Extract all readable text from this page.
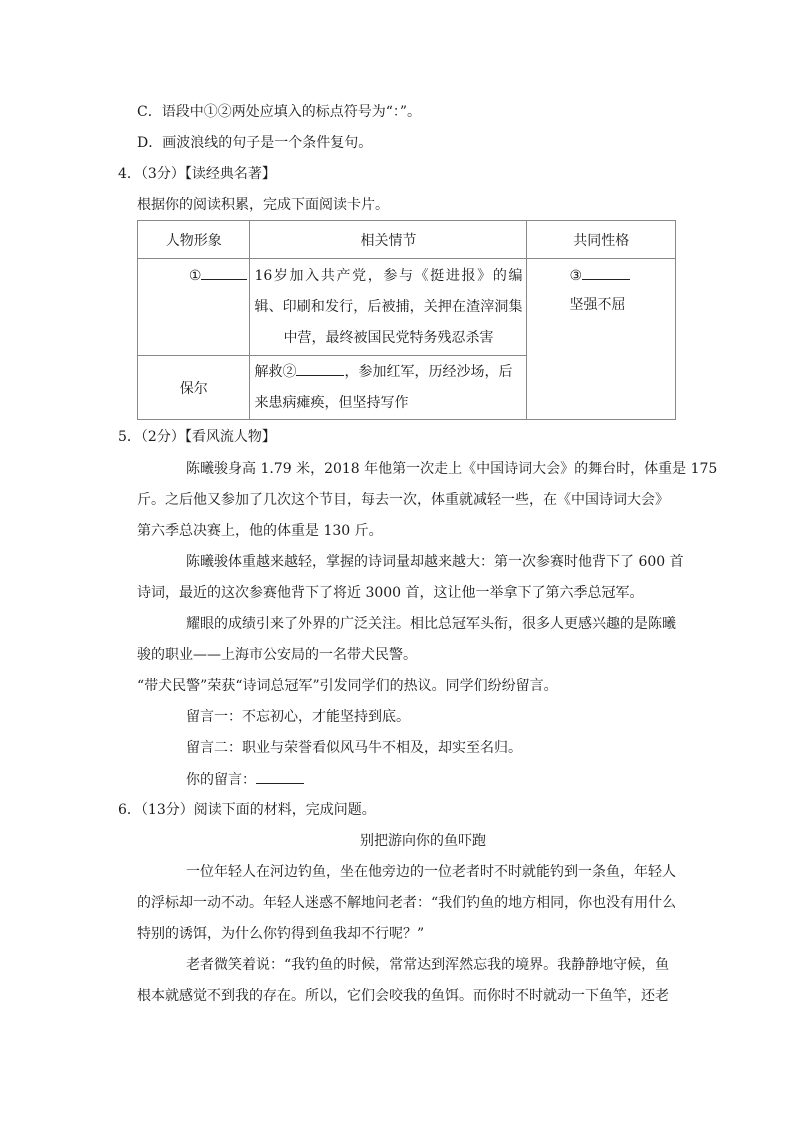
C．语段中①②两处应填入的标点符号为“：”。
D．画波浪线的句子是一个条件复句。
4．（3分）【读经典名著】
根据你的阅读积累，完成下面阅读卡片。
人物形象	相关情节	共同性格
①	16岁加入共产党，参与《挺进报》的编辑、印刷和发行，后被捕，关押在渣滓洞集中营，最终被国民党特务残忍杀害	③
坚强不屈

保尔	解救② ，参加红军，历经沙场，后来患病瘫痪，但坚持写作	
5．（2分）【看风流人物】
陈曦骏身高 1.79 米，2018 年他第一次走上《中国诗词大会》的舞台时，体重是 175
斤。之后他又参加了几次这个节目，每去一次，体重就减轻一些，在《中国诗词大会》
第六季总决赛上，他的体重是 130 斤。
陈曦骏体重越来越轻，掌握的诗词量却越来越大：第一次参赛时他背下了 600 首
诗词，最近的这次参赛他背下了将近 3000 首，这让他一举拿下了第六季总冠军。
耀眼的成绩引来了外界的广泛关注。相比总冠军头衔，很多人更感兴趣的是陈曦
骏的职业——上海市公安局的一名带犬民警。
“带犬民警”荣获“诗词总冠军”引发同学们的热议。同学们纷纷留言。
留言一：不忘初心，才能坚持到底。
留言二：职业与荣誉看似风马牛不相及，却实至名归。
你的留言：
6．（13分）阅读下面的材料，完成问题。
别把游向你的鱼吓跑
一位年轻人在河边钓鱼，坐在他旁边的一位老者时不时就能钓到一条鱼，年轻人
的浮标却一动不动。年轻人迷惑不解地问老者：“我们钓鱼的地方相同，你也没有用什么
特别的诱饵，为什么你钓得到鱼我却不行呢？”
老者微笑着说：“我钓鱼的时候，常常达到浑然忘我的境界。我静静地守候，鱼
根本就感觉不到我的存在。所以，它们会咬我的鱼饵。而你时不时就动一下鱼竿，还老
